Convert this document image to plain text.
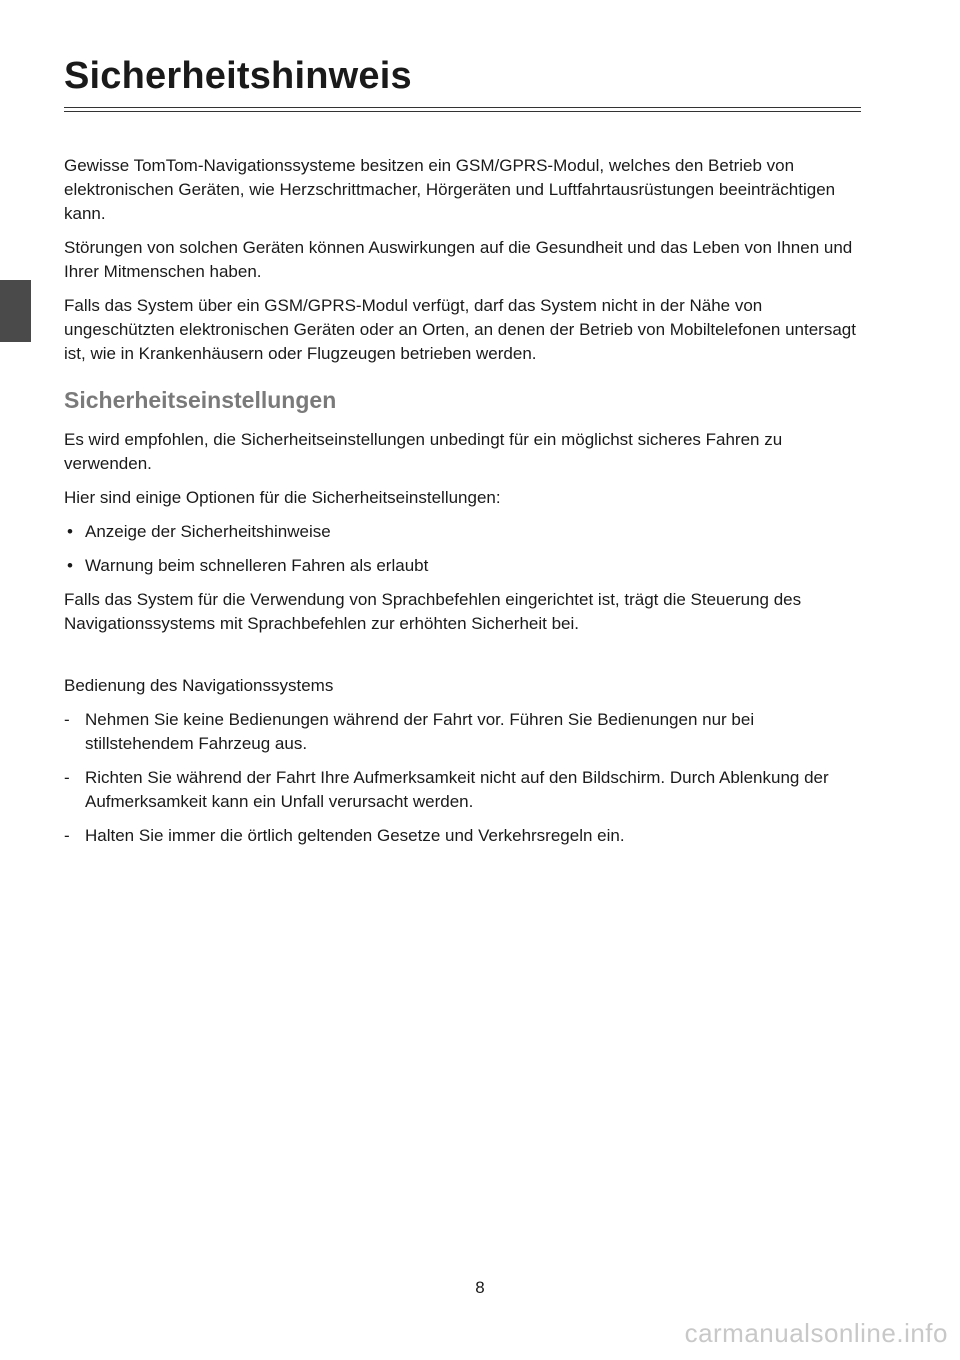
Sicherheitshinweis

Gewisse TomTom-Navigationssysteme besitzen ein GSM/GPRS-Modul, welches den Betrieb von elektronischen Geräten, wie Herzschrittmacher, Hörgeräten und Luftfahrtausrüstungen beeinträchtigen kann.

Störungen von solchen Geräten können Auswirkungen auf die Gesundheit und das Leben von Ihnen und Ihrer Mitmenschen haben.

Falls das System über ein GSM/GPRS-Modul verfügt, darf das System nicht in der Nähe von ungeschützten elektronischen Geräten oder an Orten, an denen der Betrieb von Mobiltelefonen untersagt ist, wie in Krankenhäusern oder Flugzeugen betrieben werden.

Sicherheitseinstellungen

Es wird empfohlen, die Sicherheitseinstellungen unbedingt für ein möglichst sicheres Fahren zu verwenden.

Hier sind einige Optionen für die Sicherheitseinstellungen:

• Anzeige der Sicherheitshinweise
• Warnung beim schnelleren Fahren als erlaubt

Falls das System für die Verwendung von Sprachbefehlen eingerichtet ist, trägt die Steuerung des Navigationssystems mit Sprachbefehlen zur erhöhten Sicherheit bei.

Bedienung des Navigationssystems

- Nehmen Sie keine Bedienungen während der Fahrt vor. Führen Sie Bedienungen nur bei stillstehendem Fahrzeug aus.
- Richten Sie während der Fahrt Ihre Aufmerksamkeit nicht auf den Bildschirm. Durch Ablenkung der Aufmerksamkeit kann ein Unfall verursacht werden.
- Halten Sie immer die örtlich geltenden Gesetze und Verkehrsregeln ein.
8
carmanualsonline.info
